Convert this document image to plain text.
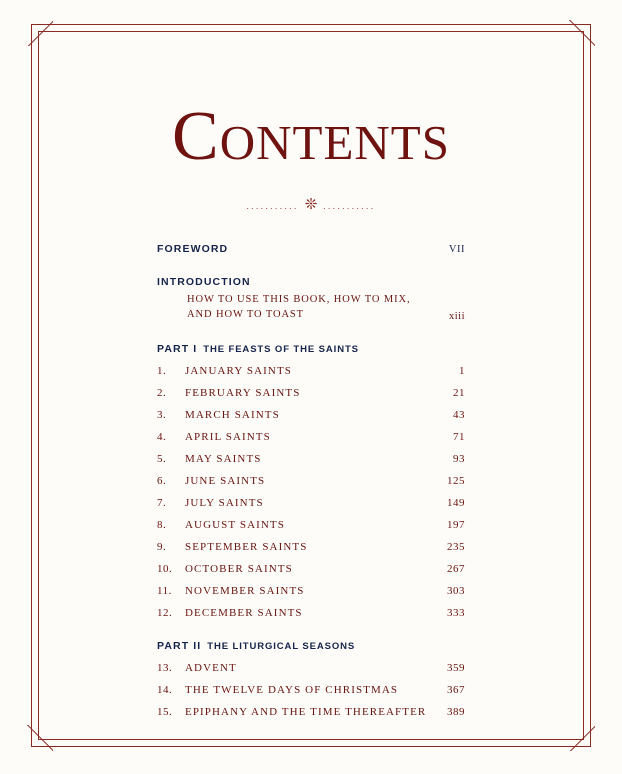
Contents
........... ❊ ...........
FOREWORD	VII
INTRODUCTION
HOW TO USE THIS BOOK, HOW TO MIX,
AND HOW TO TOAST	xiii
PART I THE FEASTS OF THE SAINTS
1.	JANUARY SAINTS	1
2.	FEBRUARY SAINTS	21
3.	MARCH SAINTS	43
4.	APRIL SAINTS	71
5.	MAY SAINTS	93
6.	JUNE SAINTS	125
7.	JULY SAINTS	149
8.	AUGUST SAINTS	197
9.	SEPTEMBER SAINTS	235
10.	OCTOBER SAINTS	267
11.	NOVEMBER SAINTS	303
12.	DECEMBER SAINTS	333
PART II THE LITURGICAL SEASONS
13.	ADVENT	359
14.	THE TWELVE DAYS OF CHRISTMAS	367
15.	EPIPHANY AND THE TIME THEREAFTER 389
